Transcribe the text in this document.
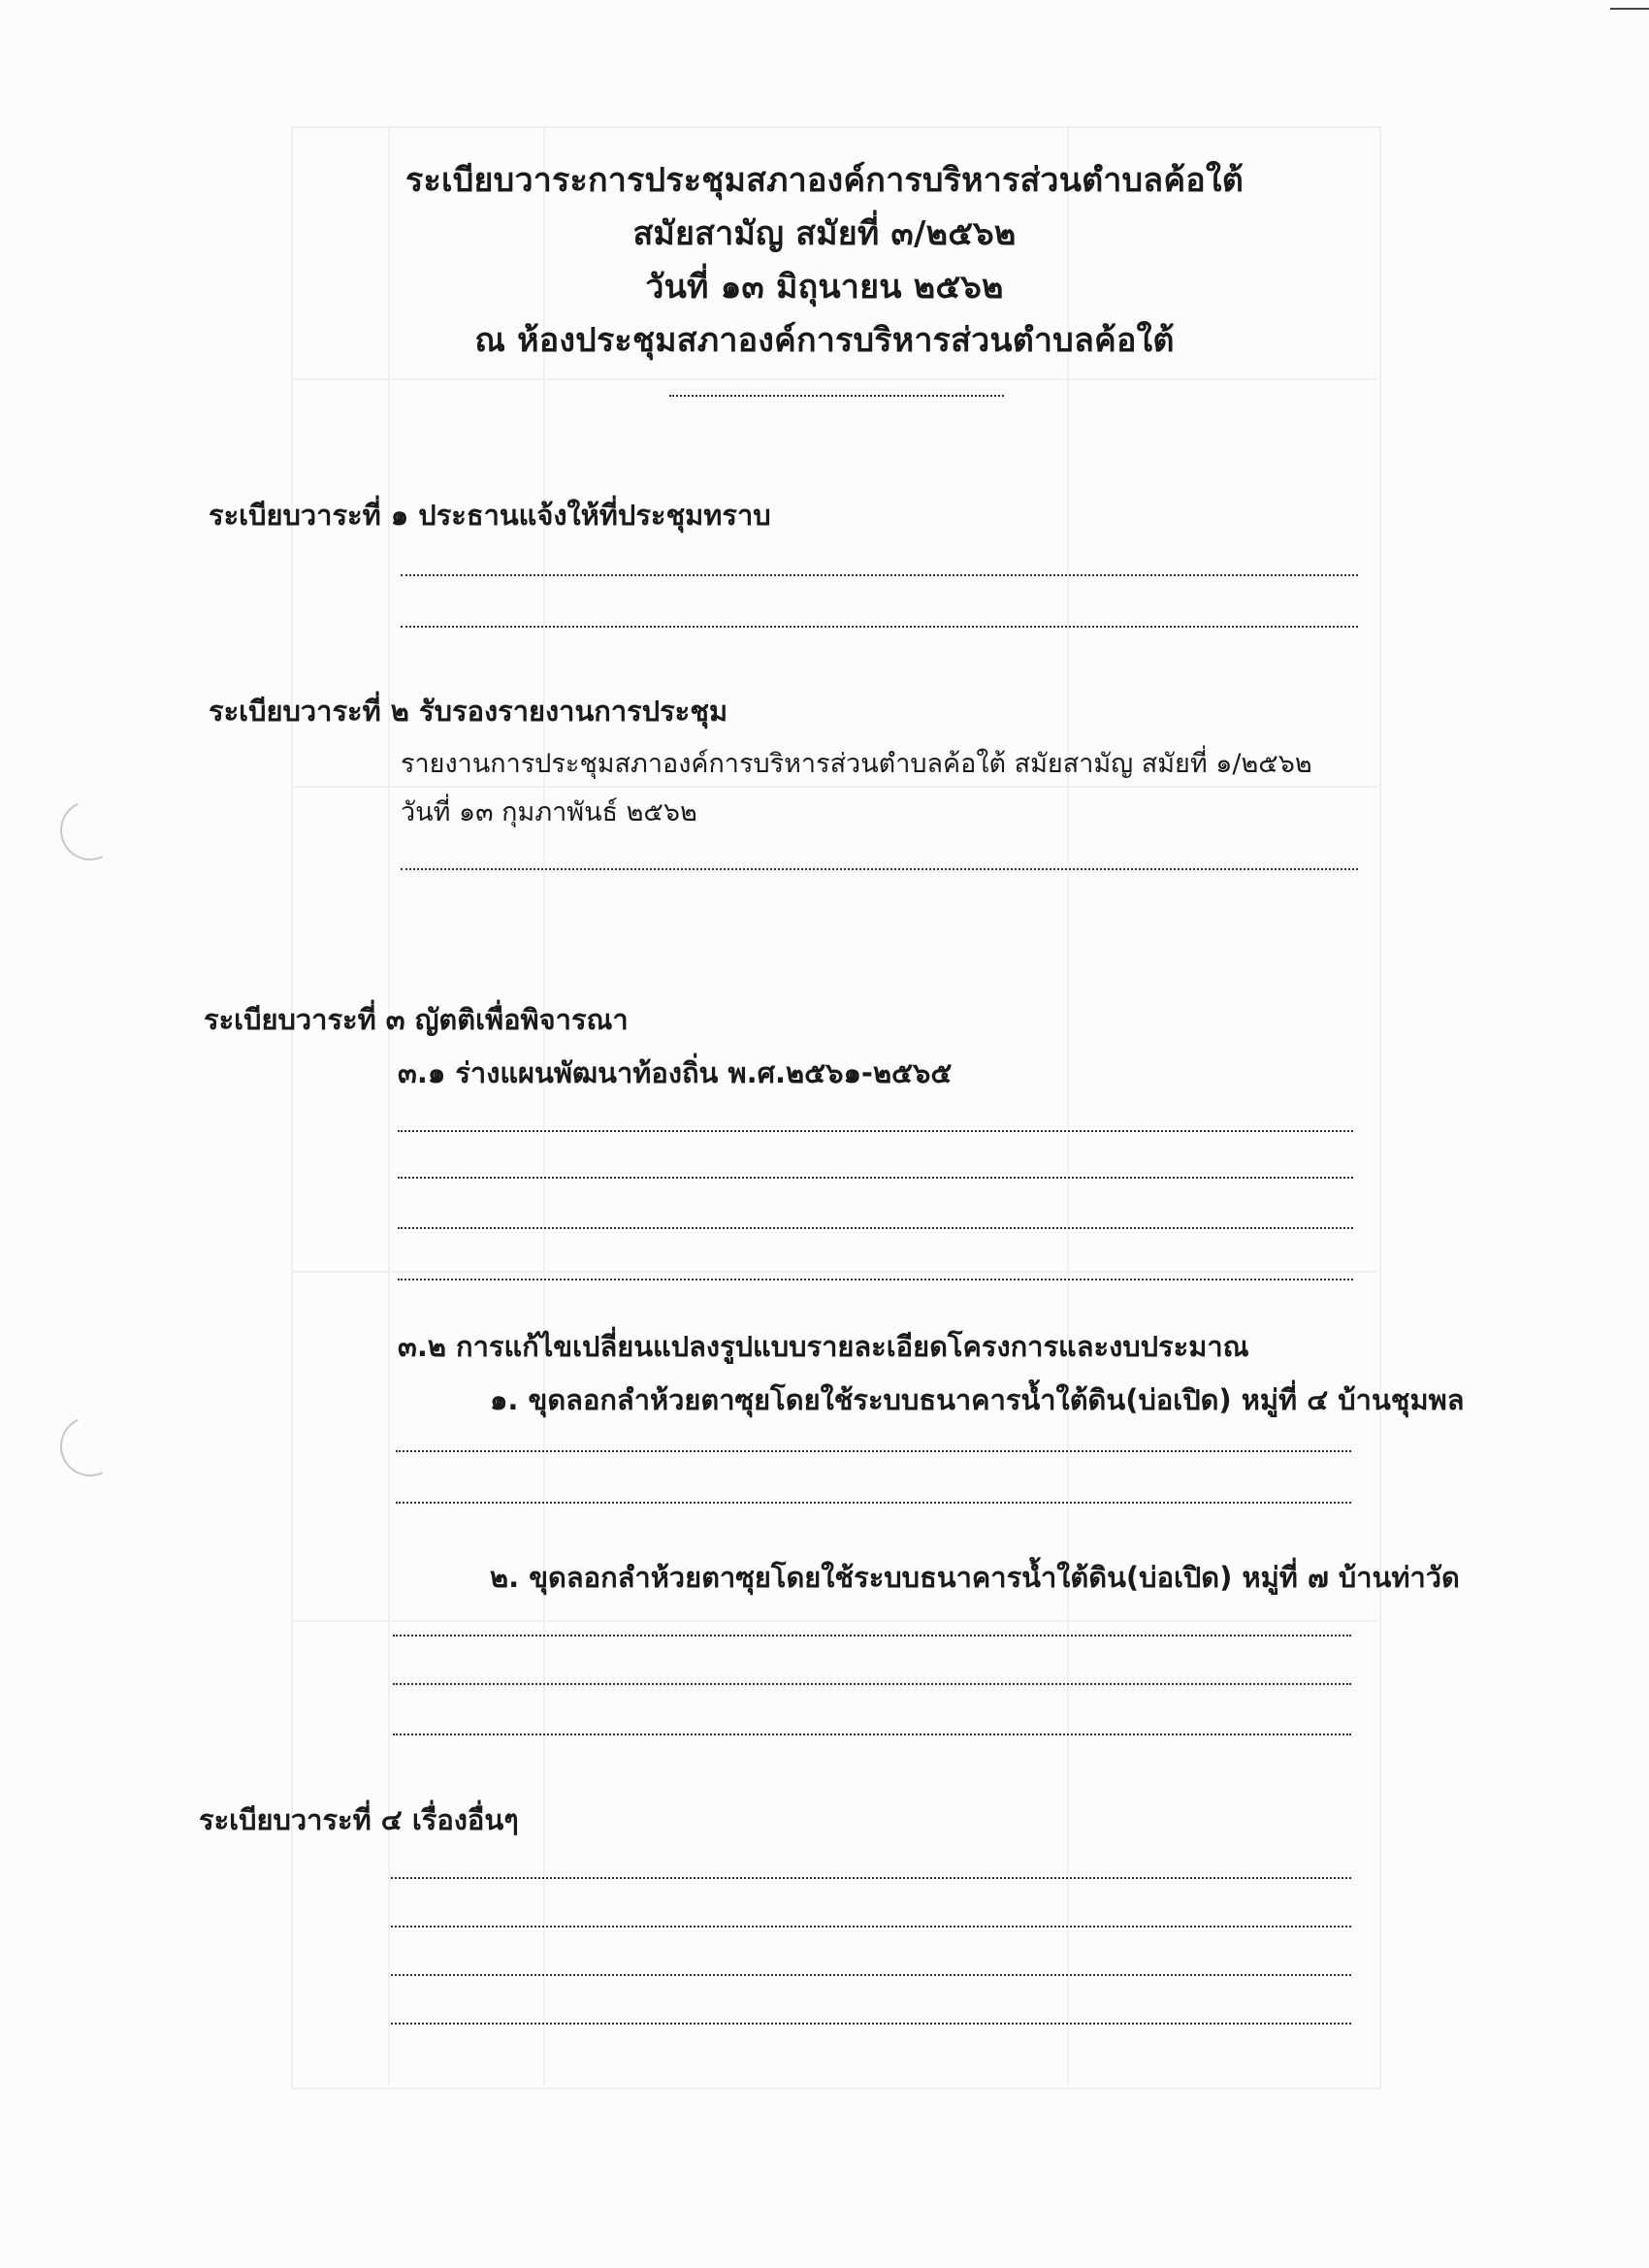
ระเบียบวาระการประชุมสภาองค์การบริหารส่วนตำบลค้อใต้
สมัยสามัญ สมัยที่ ๓/๒๕๖๒
วันที่ ๑๓ มิถุนายน ๒๕๖๒
ณ ห้องประชุมสภาองค์การบริหารส่วนตำบลค้อใต้
ระเบียบวาระที่ ๑ ประธานแจ้งให้ที่ประชุมทราบ
ระเบียบวาระที่ ๒ รับรองรายงานการประชุม
รายงานการประชุมสภาองค์การบริหารส่วนตำบลค้อใต้ สมัยสามัญ สมัยที่ ๑/๒๕๖๒
วันที่ ๑๓ กุมภาพันธ์ ๒๕๖๒
ระเบียบวาระที่ ๓ ญัตติเพื่อพิจารณา
๓.๑ ร่างแผนพัฒนาท้องถิ่น พ.ศ.๒๕๖๑-๒๕๖๕
๓.๒ การแก้ไขเปลี่ยนแปลงรูปแบบรายละเอียดโครงการและงบประมาณ
๑. ขุดลอกลำห้วยตาซุยโดยใช้ระบบธนาคารน้ำใต้ดิน(บ่อเปิด) หมู่ที่ ๔ บ้านชุมพล
๒. ขุดลอกลำห้วยตาซุยโดยใช้ระบบธนาคารน้ำใต้ดิน(บ่อเปิด) หมู่ที่ ๗ บ้านท่าวัด
ระเบียบวาระที่ ๔ เรื่องอื่นๆ
